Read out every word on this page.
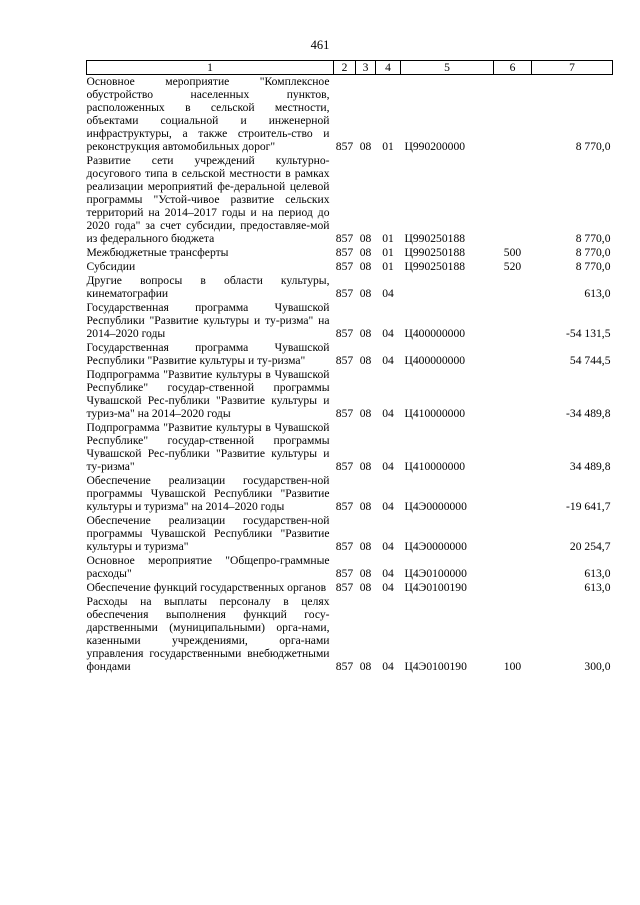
461
1	2	3	4	5	6	7
Основное мероприятие "Комплексное обустройство населенных пунктов, расположенных в сельской местности, объектами социальной и инженерной инфраструктуры, а также строитель-ство и реконструкция автомобильных дорог"	857	08	01	Ц990200000		8 770,0
Развитие сети учреждений культурно-досугового типа в сельской местности в рамках реализации мероприятий фе-деральной целевой программы "Устой-чивое развитие сельских территорий на 2014–2017 годы и на период до 2020 года" за счет субсидии, предоставляе-мой из федерального бюджета	857	08	01	Ц990250188		8 770,0
Межбюджетные трансферты	857	08	01	Ц990250188	500	8 770,0
Субсидии	857	08	01	Ц990250188	520	8 770,0
Другие вопросы в области культуры, кинематографии	857	08	04			613,0
Государственная программа Чувашской Республики "Развитие культуры и ту-ризма" на 2014–2020 годы	857	08	04	Ц400000000		-54 131,5
Государственная программа Чувашской Республики "Развитие культуры и ту-ризма"	857	08	04	Ц400000000		54 744,5
Подпрограмма "Развитие культуры в Чувашской Республике" государ-ственной программы Чувашской Рес-публики "Развитие культуры и туриз-ма" на 2014–2020 годы	857	08	04	Ц410000000		-34 489,8
Подпрограмма "Развитие культуры в Чувашской Республике" государ-ственной программы Чувашской Рес-публики "Развитие культуры и ту-ризма"	857	08	04	Ц410000000		34 489,8
Обеспечение реализации государствен-ной программы Чувашской Республики "Развитие культуры и туризма" на 2014–2020 годы	857	08	04	Ц4Э0000000		-19 641,7
Обеспечение реализации государствен-ной программы Чувашской Республики "Развитие культуры и туризма"	857	08	04	Ц4Э0000000		20 254,7
Основное мероприятие "Общепро-граммные расходы"	857	08	04	Ц4Э0100000		613,0
Обеспечение функций государственных органов	857	08	04	Ц4Э0100190		613,0
Расходы на выплаты персоналу в целях обеспечения выполнения функций госу-дарственными (муниципальными) орга-нами, казенными учреждениями, орга-нами управления государственными внебюджетными фондами	857	08	04	Ц4Э0100190	100	300,0
